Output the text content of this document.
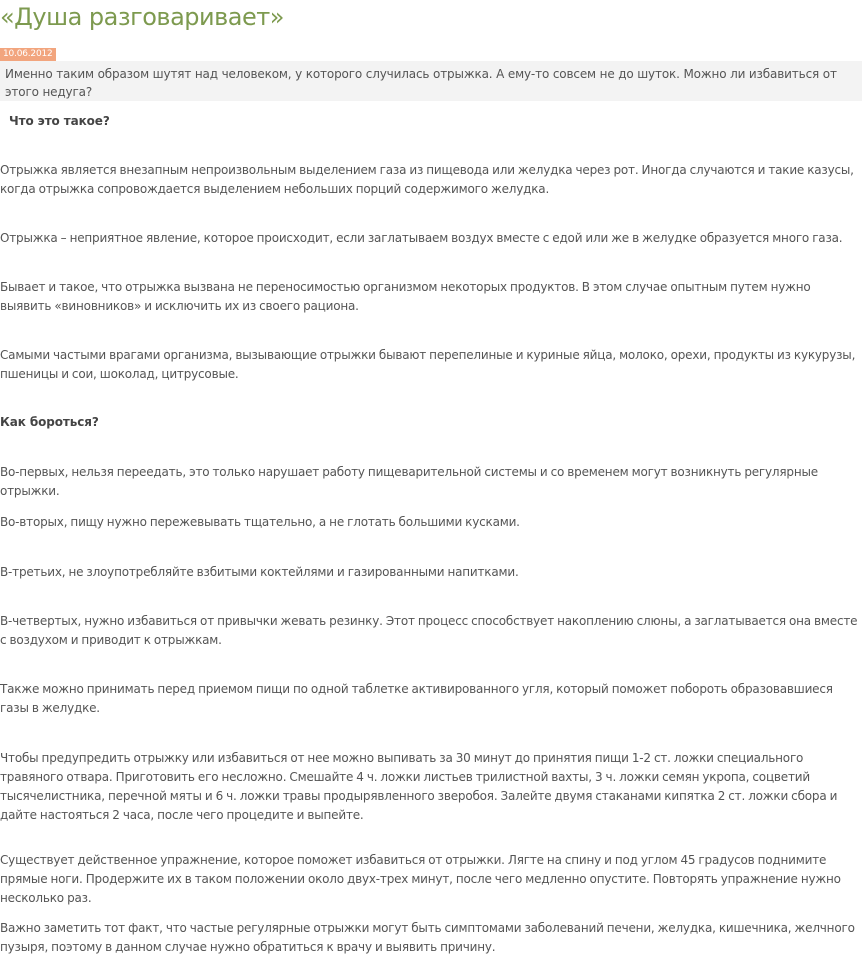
«Душа разговаривает»
10.06.2012
Именно таким образом шутят над человеком, у которого случилась отрыжка. А ему-то совсем не до шуток. Можно ли избавиться от этого недуга?
Что это такое?

Отрыжка является внезапным непроизвольным выделением газа из пищевода или желудка через рот. Иногда случаются и такие казусы, когда отрыжка сопровождается выделением небольших порций содержимого желудка.

Отрыжка – неприятное явление, которое происходит, если заглатываем воздух вместе с едой или же в желудке образуется много газа.

Бывает и такое, что отрыжка вызвана не переносимостью организмом некоторых продуктов. В этом случае опытным путем нужно выявить «виновников» и исключить их из своего рациона.

Самыми частыми врагами организма, вызывающие отрыжки бывают перепелиные и куриные яйца, молоко, орехи, продукты из кукурузы, пшеницы и сои, шоколад, цитрусовые.

Как бороться?

Во-первых, нельзя переедать, это только нарушает работу пищеварительной системы и со временем могут возникнуть регулярные отрыжки.

Во-вторых, пищу нужно пережевывать тщательно, а не глотать большими кусками.

В-третьих, не злоупотребляйте взбитыми коктейлями и газированными напитками.

В-четвертых, нужно избавиться от привычки жевать резинку. Этот процесс способствует накоплению слюны, а заглатывается она вместе с воздухом и приводит к отрыжкам.

Также можно принимать перед приемом пищи по одной таблетке активированного угля, который поможет побороть образовавшиеся газы в желудке.

Чтобы предупредить отрыжку или избавиться от нее можно выпивать за 30 минут до принятия пищи 1-2 ст. ложки специального травяного отвара. Приготовить его несложно. Смешайте 4 ч. ложки листьев трилистной вахты, 3 ч. ложки семян укропа, соцветий тысячелистника, перечной мяты и 6 ч. ложки травы продырявленного зверобоя. Залейте двумя стаканами кипятка 2 ст. ложки сбора и дайте настояться 2 часа, после чего процедите и выпейте.

Существует действенное упражнение, которое поможет избавиться от отрыжки. Лягте на спину и под углом 45 градусов поднимите прямые ноги. Продержите их в таком положении около двух-трех минут, после чего медленно опустите. Повторять упражнение нужно несколько раз.

Важно заметить тот факт, что частые регулярные отрыжки могут быть симптомами заболеваний печени, желудка, кишечника, желчного пузыря, поэтому в данном случае нужно обратиться к врачу и выявить причину.
